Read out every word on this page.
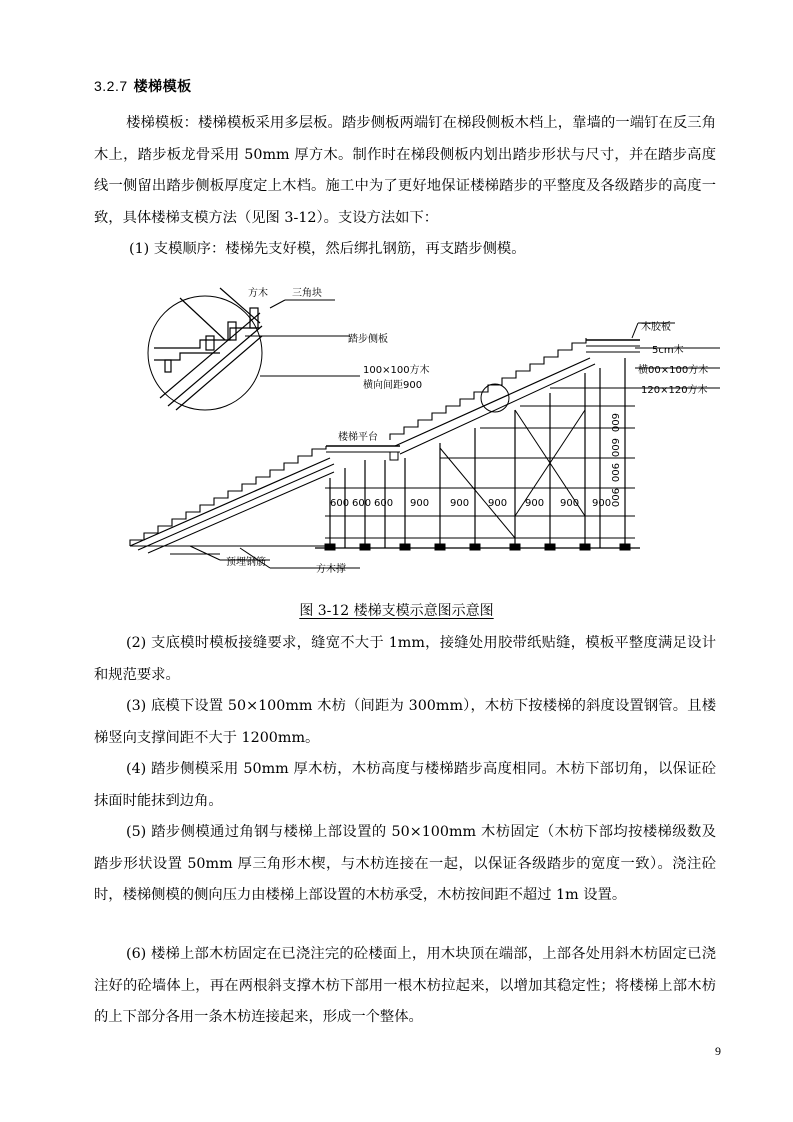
3.2.7 楼梯模板
楼梯模板：楼梯模板采用多层板。踏步侧板两端钉在梯段侧板木档上，靠墙的一端钉在反三角木上，踏步板龙骨采用 50mm 厚方木。制作时在梯段侧板内划出踏步形状与尺寸，并在踏步高度线一侧留出踏步侧板厚度定上木档。施工中为了更好地保证楼梯踏步的平整度及各级踏步的高度一致，具体楼梯支模方法（见图 3-12）。支设方法如下：
(1) 支模顺序：楼梯先支好模，然后绑扎钢筋，再支踏步侧模。
方木 三角块
踏步侧板
100×100方木
横向间距900
楼梯平台
木胶板
5cm木
横00×100方木
120×120方木
预埋钢筋
方木撑
600 600 600 900 900 900 900 900 900
600
600
900
900
图 3-12 楼梯支模示意图示意图
(2) 支底模时模板接缝要求，缝宽不大于 1mm，接缝处用胶带纸贴缝，模板平整度满足设计和规范要求。
(3) 底模下设置 50×100mm 木枋（间距为 300mm），木枋下按楼梯的斜度设置钢管。且楼梯竖向支撑间距不大于 1200mm。
(4) 踏步侧模采用 50mm 厚木枋，木枋高度与楼梯踏步高度相同。木枋下部切角，以保证砼抹面时能抹到边角。
(5) 踏步侧模通过角钢与楼梯上部设置的 50×100mm 木枋固定（木枋下部均按楼梯级数及踏步形状设置 50mm 厚三角形木楔，与木枋连接在一起，以保证各级踏步的宽度一致）。浇注砼时，楼梯侧模的侧向压力由楼梯上部设置的木枋承受，木枋按间距不超过 1m 设置。
(6) 楼梯上部木枋固定在已浇注完的砼楼面上，用木块顶在端部，上部各处用斜木枋固定已浇注好的砼墙体上，再在两根斜支撑木枋下部用一根木枋拉起来，以增加其稳定性；将楼梯上部木枋的上下部分各用一条木枋连接起来，形成一个整体。
9
